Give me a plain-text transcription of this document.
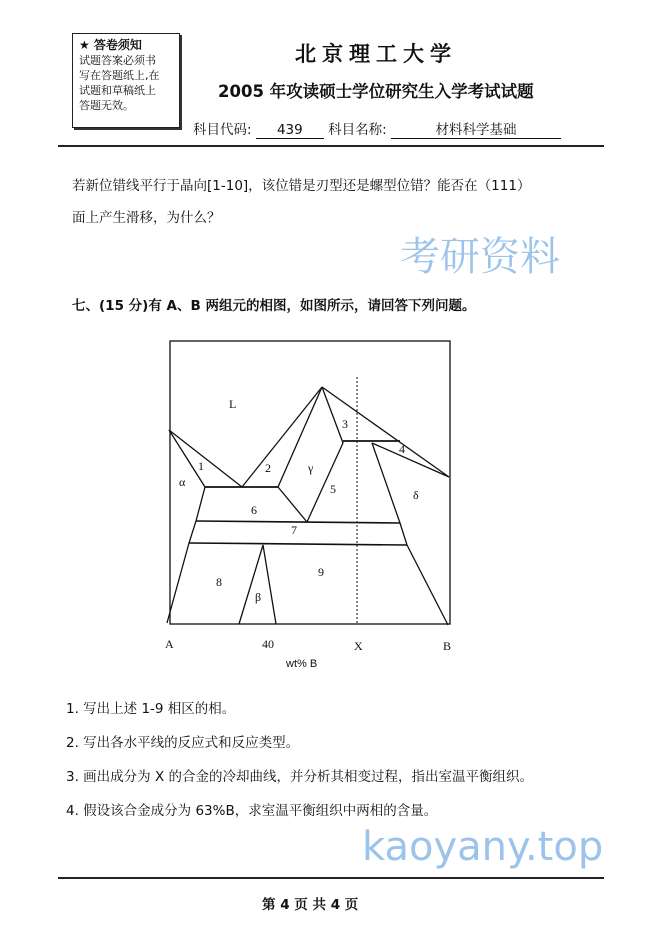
★ 答卷须知
试题答案必须书
写在答题纸上,在
试题和草稿纸上
答题无效。
北京理工大学
2005 年攻读硕士学位研究生入学考试试题
科目代码: 439 科目名称:	材料科学基础
若新位错线平行于晶向[1-10]，该位错是刃型还是螺型位错？能否在（111）
面上产生滑移，为什么？
考研资料
七、(15 分)有 A、B 两组元的相图，如图所示，请回答下列问题。
L
α
1	2	γ
3
4
5	δ
6
7
8
9
β
A	40	X	B
wt% B
1. 写出上述 1-9 相区的相。
2. 写出各水平线的反应式和反应类型。
3. 画出成分为 X 的合金的冷却曲线，并分析其相变过程，指出室温平衡组织。
4. 假设该合金成分为 63%B，求室温平衡组织中两相的含量。
kaoyany.top
第 4 页 共 4 页
